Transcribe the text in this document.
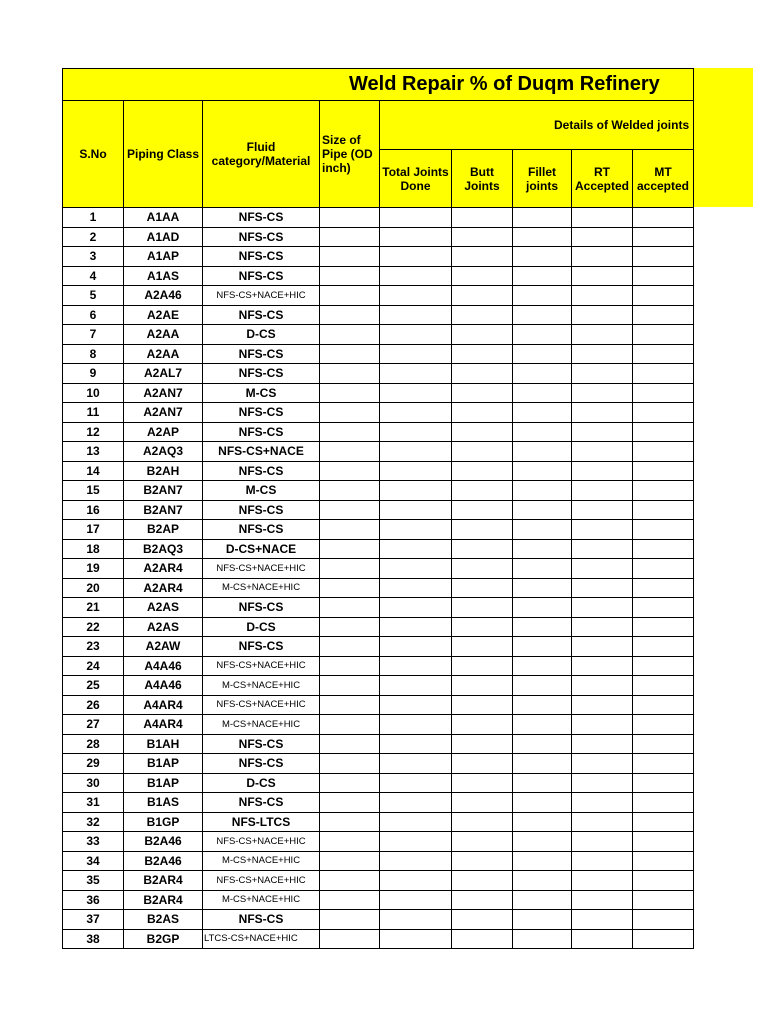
Weld Repair % of Duqm Refinery								
S.No	Piping Class	Fluid category/Material	Size of Pipe (OD inch)	Details of Welded joints				
				Total Joints Done	Butt Joints	Fillet joints	RT Accepted	MT accepted
1	A1AA	NFS-CS						
2	A1AD	NFS-CS						
3	A1AP	NFS-CS						
4	A1AS	NFS-CS						
5	A2A46	NFS-CS+NACE+HIC						
6	A2AE	NFS-CS						
7	A2AA	D-CS						
8	A2AA	NFS-CS						
9	A2AL7	NFS-CS						
10	A2AN7	M-CS						
11	A2AN7	NFS-CS						
12	A2AP	NFS-CS						
13	A2AQ3	NFS-CS+NACE						
14	B2AH	NFS-CS						
15	B2AN7	M-CS						
16	B2AN7	NFS-CS						
17	B2AP	NFS-CS						
18	B2AQ3	D-CS+NACE						
19	A2AR4	NFS-CS+NACE+HIC						
20	A2AR4	M-CS+NACE+HIC						
21	A2AS	NFS-CS						
22	A2AS	D-CS						
23	A2AW	NFS-CS						
24	A4A46	NFS-CS+NACE+HIC						
25	A4A46	M-CS+NACE+HIC						
26	A4AR4	NFS-CS+NACE+HIC						
27	A4AR4	M-CS+NACE+HIC						
28	B1AH	NFS-CS						
29	B1AP	NFS-CS						
30	B1AP	D-CS						
31	B1AS	NFS-CS						
32	B1GP	NFS-LTCS						
33	B2A46	NFS-CS+NACE+HIC						
34	B2A46	M-CS+NACE+HIC						
35	B2AR4	NFS-CS+NACE+HIC						
36	B2AR4	M-CS+NACE+HIC						
37	B2AS	NFS-CS						
38	B2GP	LTCS-CS+NACE+HIC						
